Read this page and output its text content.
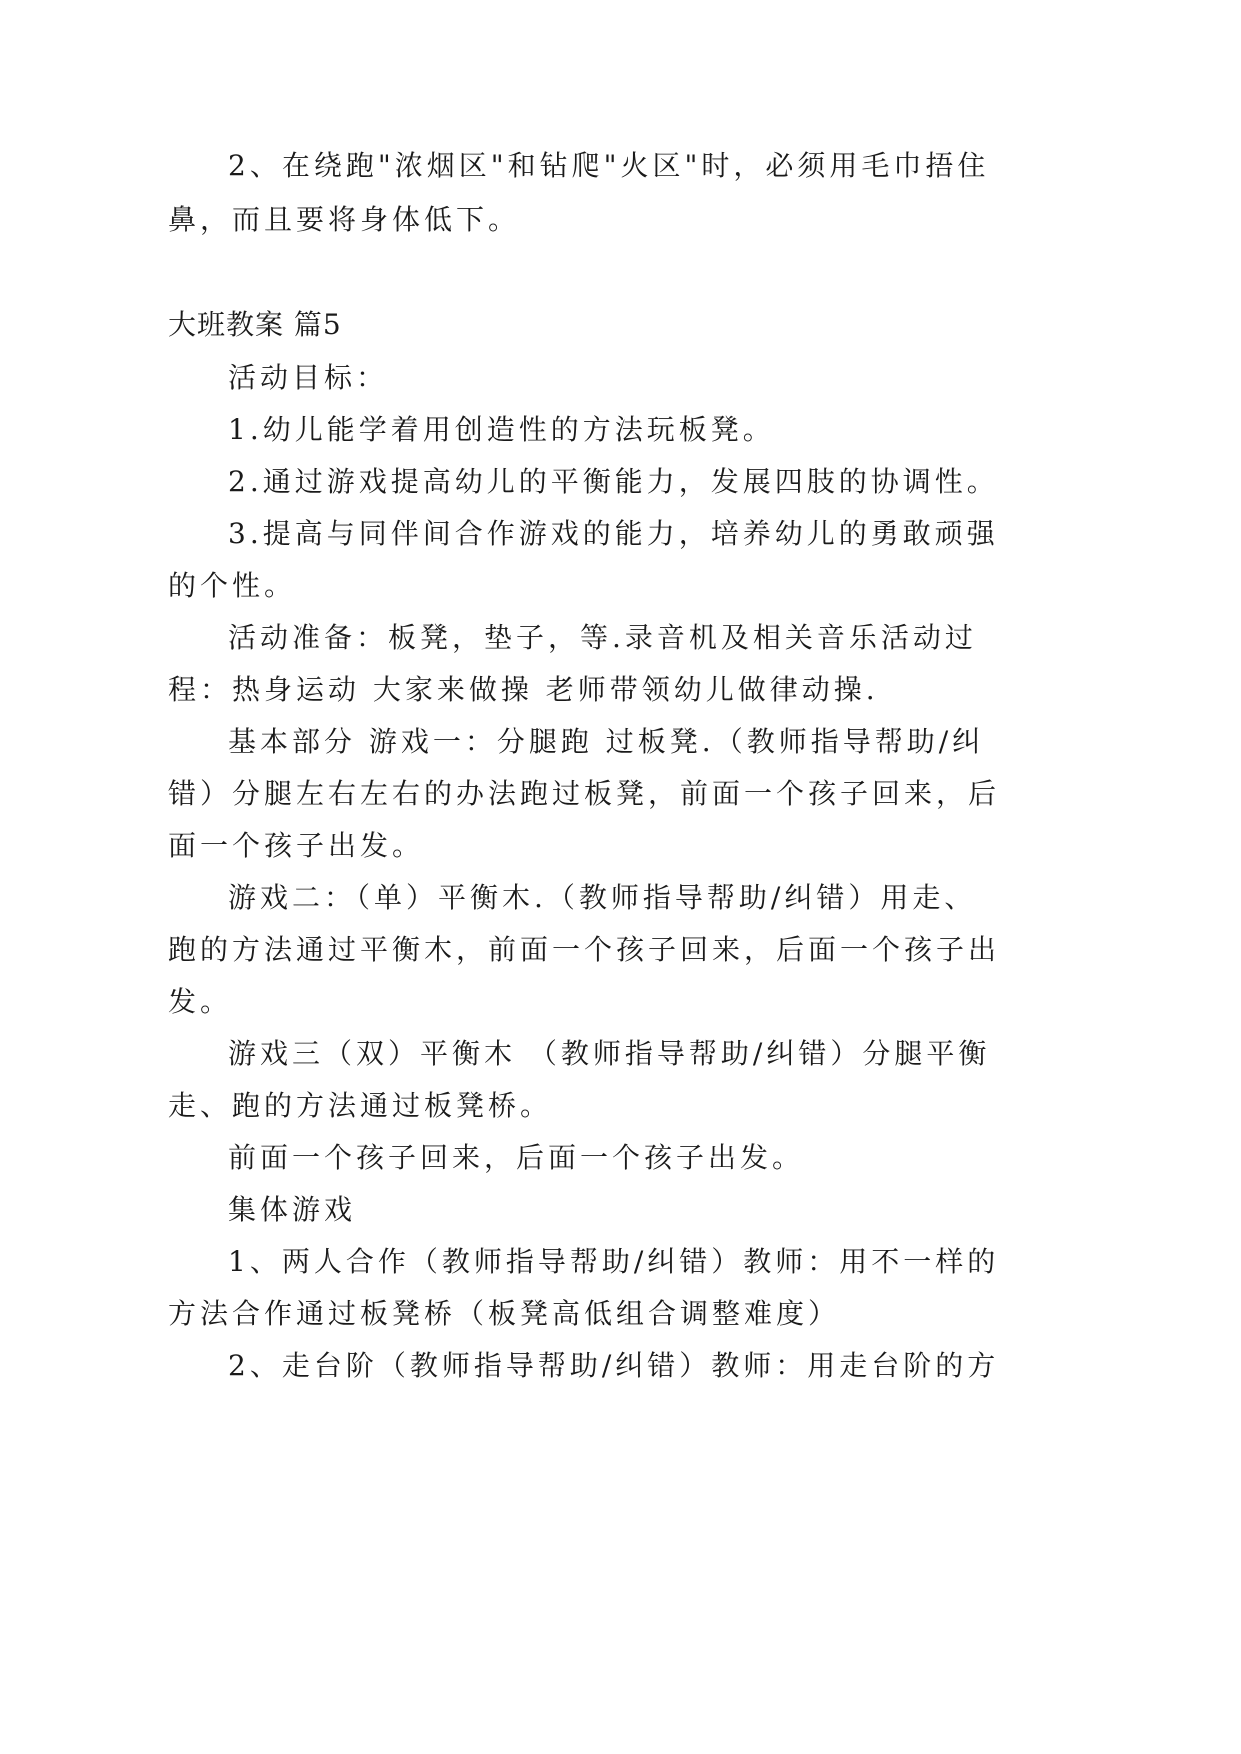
2、在绕跑"浓烟区"和钻爬"火区"时，必须用毛巾捂住

鼻，而且要将身体低下。

大班教案 篇5

活动目标：

1.幼儿能学着用创造性的方法玩板凳。

2.通过游戏提高幼儿的平衡能力，发展四肢的协调性。

3.提高与同伴间合作游戏的能力，培养幼儿的勇敢顽强

的个性。

活动准备：板凳，垫子，等.录音机及相关音乐活动过

程：热身运动 大家来做操 老师带领幼儿做律动操.

基本部分 游戏一：分腿跑 过板凳.（教师指导帮助/纠

错）分腿左右左右的办法跑过板凳，前面一个孩子回来，后

面一个孩子出发。

游戏二：（单）平衡木.（教师指导帮助/纠错）用走、

跑的方法通过平衡木，前面一个孩子回来，后面一个孩子出

发。

游戏三（双）平衡木 （教师指导帮助/纠错）分腿平衡

走、跑的方法通过板凳桥。

前面一个孩子回来，后面一个孩子出发。

集体游戏

1、两人合作（教师指导帮助/纠错）教师：用不一样的

方法合作通过板凳桥（板凳高低组合调整难度）

2、走台阶（教师指导帮助/纠错）教师：用走台阶的方
